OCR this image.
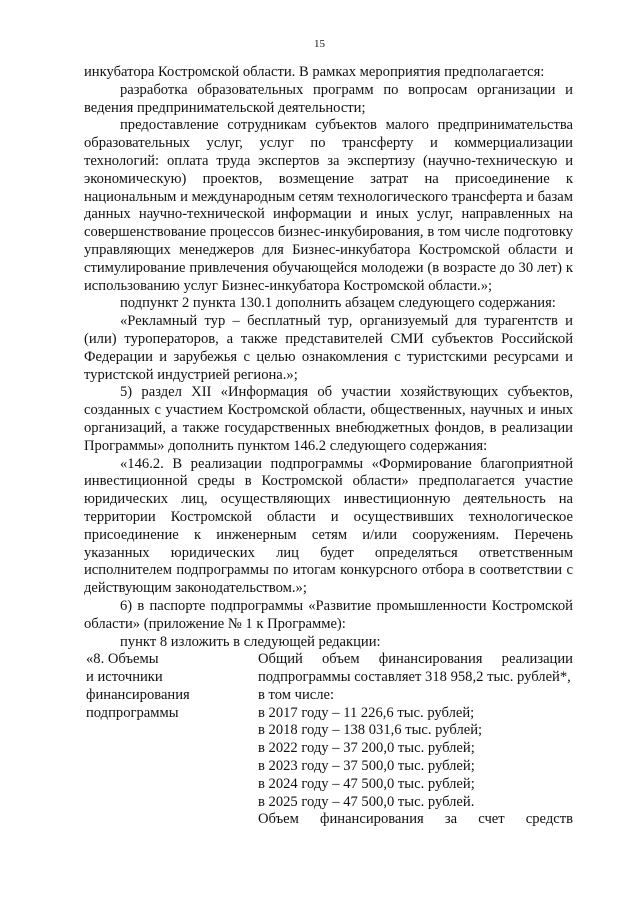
15

инкубатора Костромской области. В рамках мероприятия предполагается:

разработка образовательных программ по вопросам организации и ведения предпринимательской деятельности;

предоставление сотрудникам субъектов малого предпринимательства образовательных услуг, услуг по трансферту и коммерциализации технологий: оплата труда экспертов за экспертизу (научно-техническую и экономическую) проектов, возмещение затрат на присоединение к национальным и международным сетям технологического трансферта и базам данных научно-технической информации и иных услуг, направленных на совершенствование процессов бизнес-инкубирования, в том числе подготовку управляющих менеджеров для Бизнес-инкубатора Костромской области и стимулирование привлечения обучающейся молодежи (в возрасте до 30 лет) к использованию услуг Бизнес-инкубатора Костромской области.»;

подпункт 2 пункта 130.1 дополнить абзацем следующего содержания:

«Рекламный тур – бесплатный тур, организуемый для турагентств и (или) туроператоров, а также представителей СМИ субъектов Российской Федерации и зарубежья с целью ознакомления с туристскими ресурсами и туристской индустрией региона.»;

5) раздел XII «Информация об участии хозяйствующих субъектов, созданных с участием Костромской области, общественных, научных и иных организаций, а также государственных внебюджетных фондов, в реализации Программы» дополнить пунктом 146.2 следующего содержания:

«146.2. В реализации подпрограммы «Формирование благоприятной инвестиционной среды в Костромской области» предполагается участие юридических лиц, осуществляющих инвестиционную деятельность на территории Костромской области и осуществивших технологическое присоединение к инженерным сетям и/или сооружениям. Перечень указанных юридических лиц будет определяться ответственным исполнителем подпрограммы по итогам конкурсного отбора в соответствии с действующим законодательством.»;

6) в паспорте подпрограммы «Развитие промышленности Костромской области» (приложение № 1 к Программе):

пункт 8 изложить в следующей редакции:

«8. Объемы

и источники

финансирования

подпрограммы

Общий объем финансирования реализации подпрограммы составляет 318 958,2 тыс. рублей*,

в том числе:

в 2017 году – 11 226,6 тыс. рублей;

в 2018 году – 138 031,6 тыс. рублей;

в 2022 году – 37 200,0 тыс. рублей;

в 2023 году – 37 500,0 тыс. рублей;

в 2024 году – 47 500,0 тыс. рублей;

в 2025 году – 47 500,0 тыс. рублей.

Объем финансирования за счет средств
